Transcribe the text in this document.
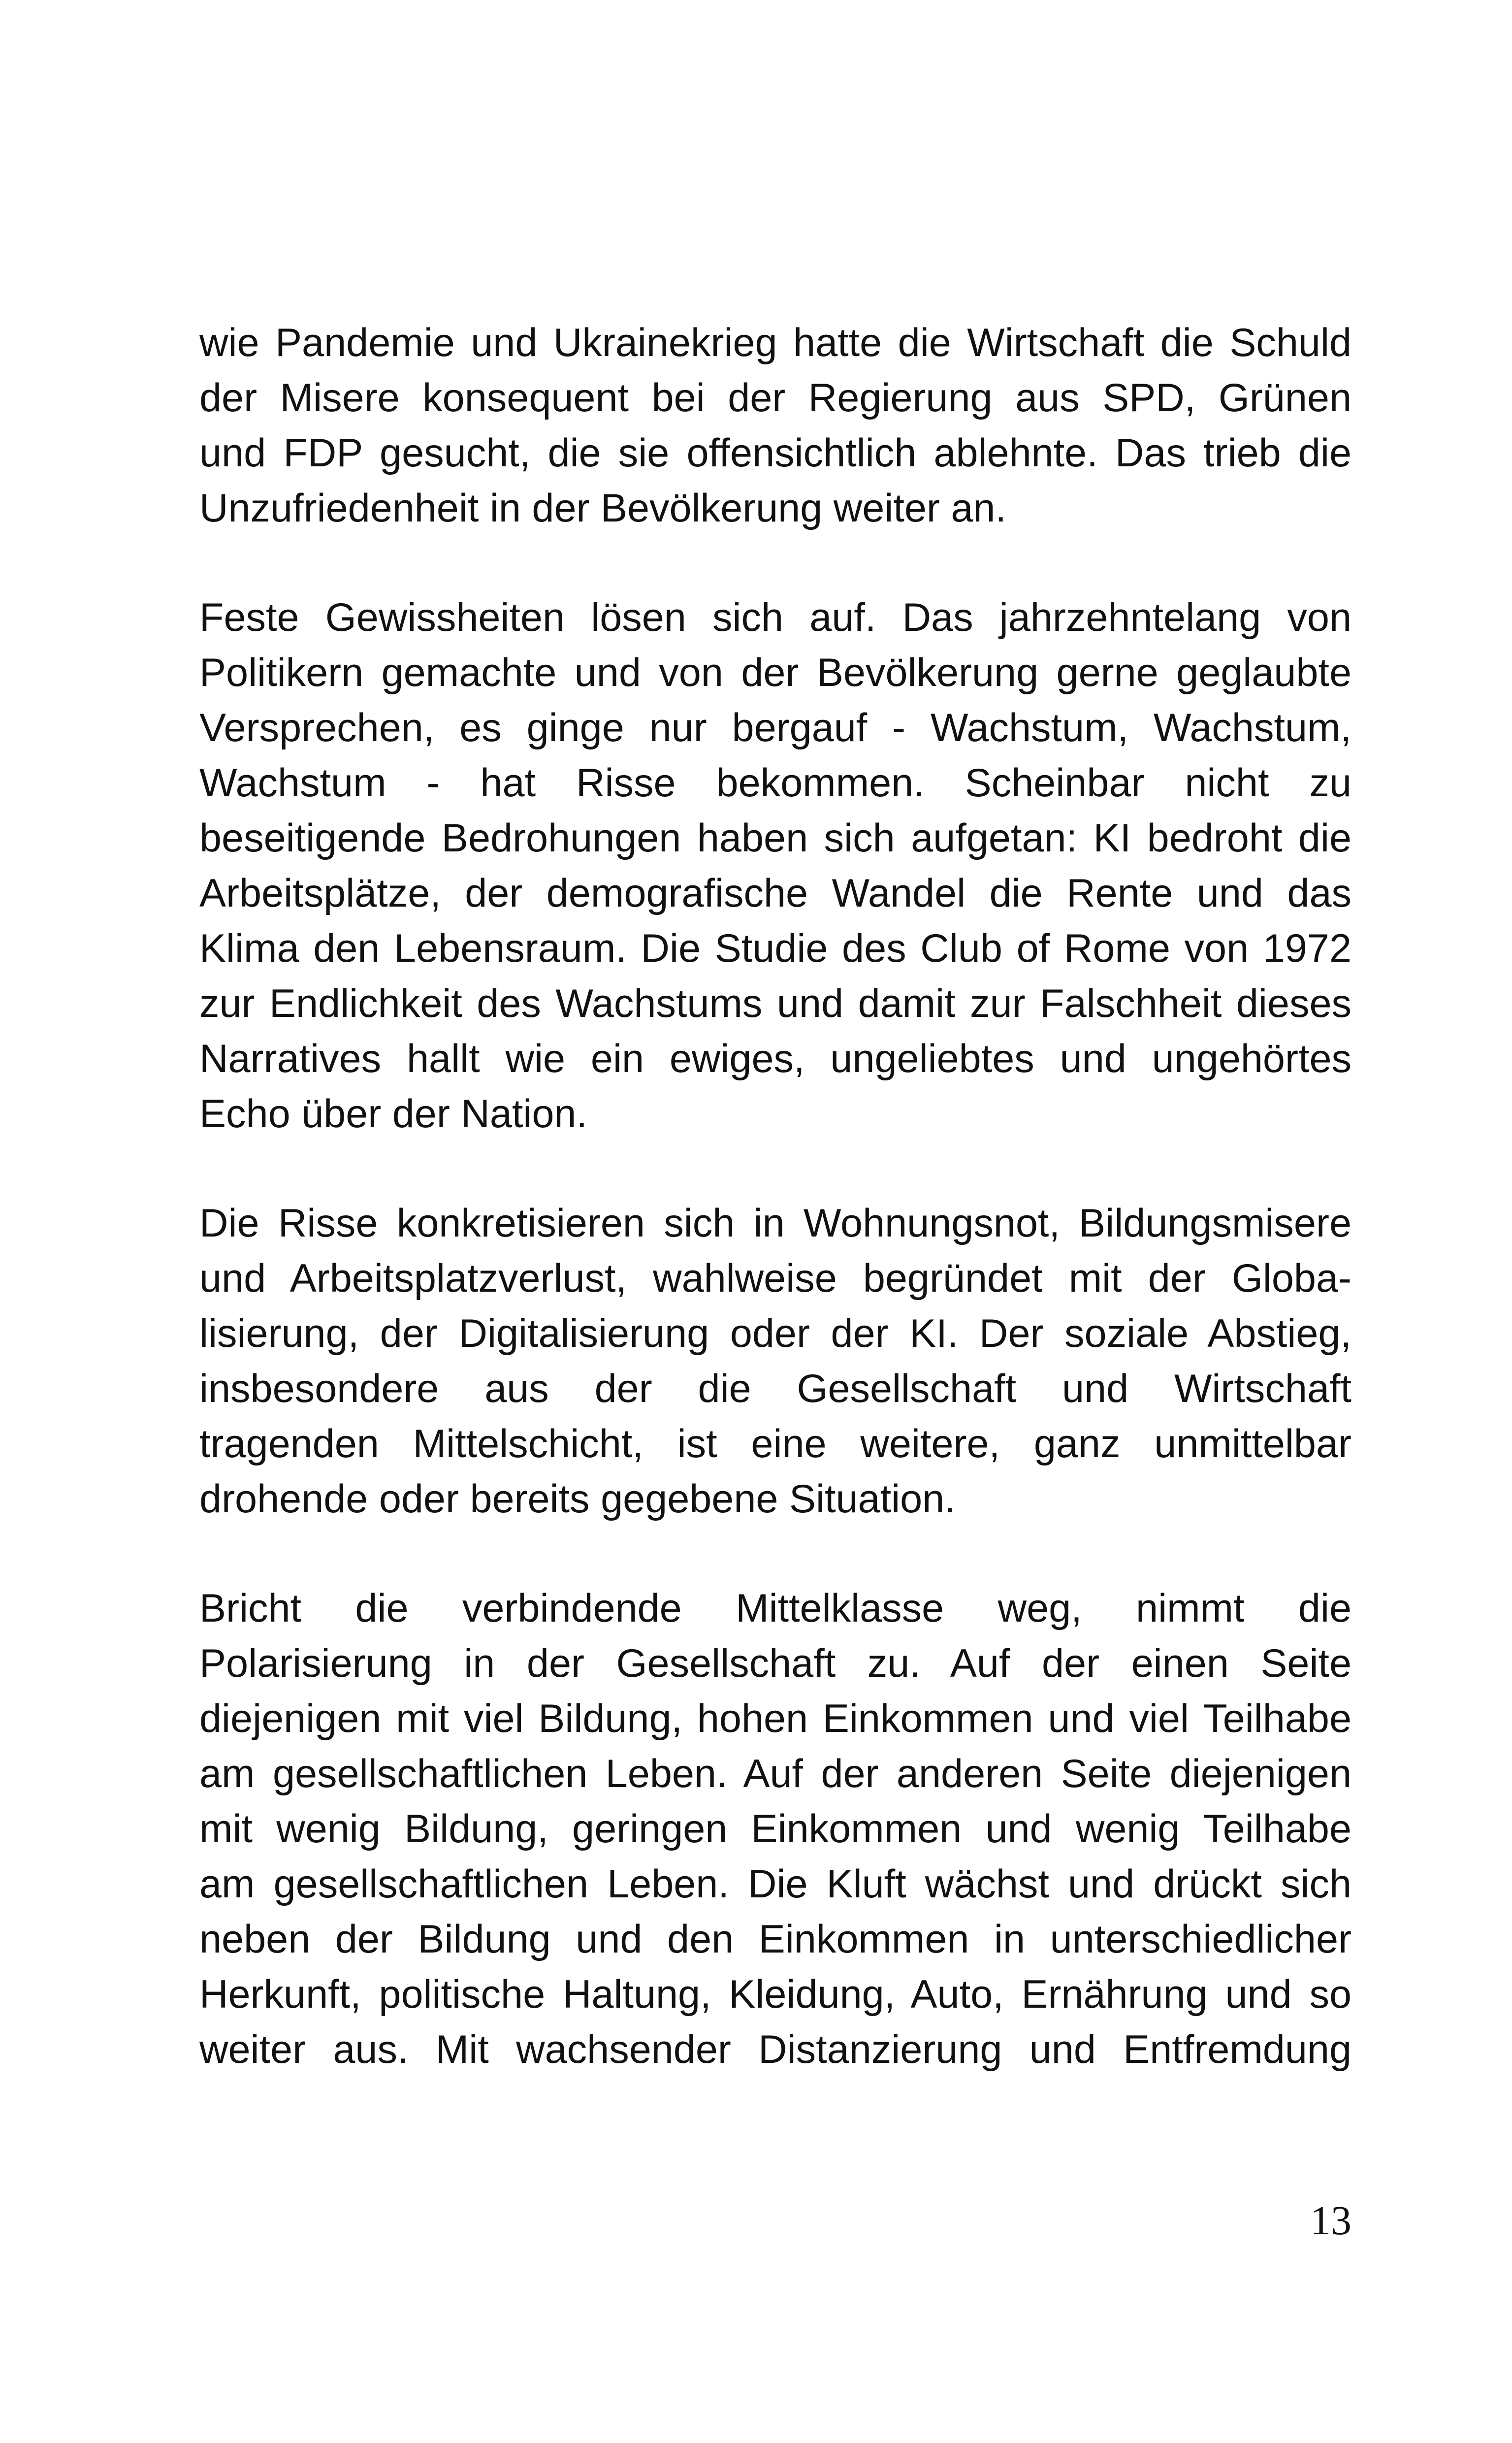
wie Pandemie und Ukrainekrieg hatte die Wirtschaft die Schuld
der Misere konsequent bei der Regierung aus SPD, Grünen
und FDP gesucht, die sie offensichtlich ablehnte. Das trieb die
Unzufriedenheit in der Bevölkerung weiter an.
Feste Gewissheiten lösen sich auf. Das jahrzehntelang von
Politikern gemachte und von der Bevölkerung gerne geglaubte
Versprechen, es ginge nur bergauf - Wachstum, Wachstum,
Wachstum - hat Risse bekommen. Scheinbar nicht zu
beseitigende Bedrohungen haben sich aufgetan: KI bedroht die
Arbeitsplätze, der demografische Wandel die Rente und das
Klima den Lebensraum. Die Studie des Club of Rome von 1972
zur Endlichkeit des Wachstums und damit zur Falschheit dieses
Narratives hallt wie ein ewiges, ungeliebtes und ungehörtes
Echo über der Nation.
Die Risse konkretisieren sich in Wohnungsnot, Bildungsmisere
und Arbeitsplatzverlust, wahlweise begründet mit der Globa-
lisierung, der Digitalisierung oder der KI. Der soziale Abstieg,
insbesondere aus der die Gesellschaft und Wirtschaft
tragenden Mittelschicht, ist eine weitere, ganz unmittelbar
drohende oder bereits gegebene Situation.
Bricht die verbindende Mittelklasse weg, nimmt die
Polarisierung in der Gesellschaft zu. Auf der einen Seite
diejenigen mit viel Bildung, hohen Einkommen und viel Teilhabe
am gesellschaftlichen Leben. Auf der anderen Seite diejenigen
mit wenig Bildung, geringen Einkommen und wenig Teilhabe
am gesellschaftlichen Leben. Die Kluft wächst und drückt sich
neben der Bildung und den Einkommen in unterschiedlicher
Herkunft, politische Haltung, Kleidung, Auto, Ernährung und so
weiter aus. Mit wachsender Distanzierung und Entfremdung
13
